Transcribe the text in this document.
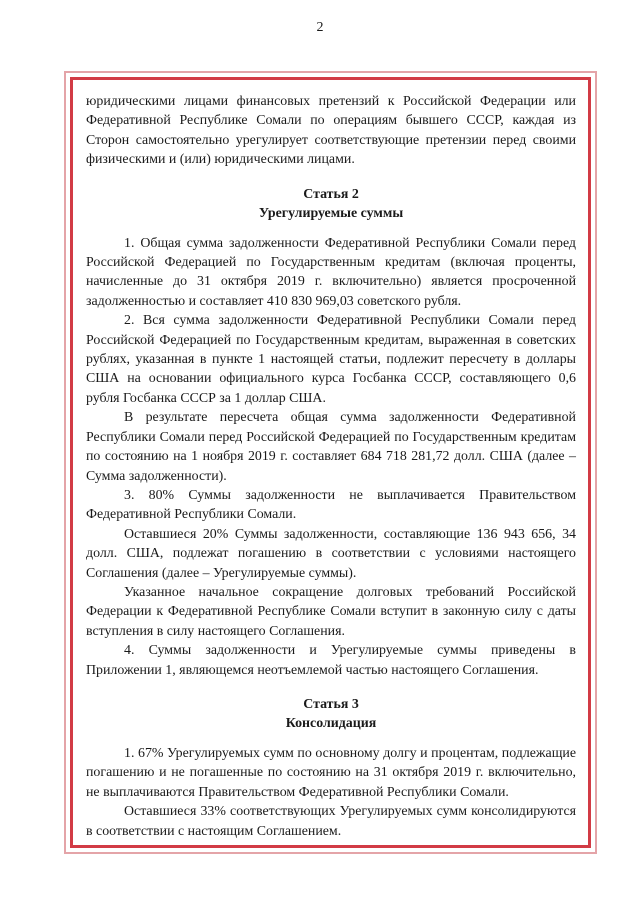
2

юридическими лицами финансовых претензий к Российской Федерации или Федеративной Республике Сомали по операциям бывшего СССР, каждая из Сторон самостоятельно урегулирует соответствующие претензии перед своими физическими и (или) юридическими лицами.

Статья 2
Урегулируемые суммы

1. Общая сумма задолженности Федеративной Республики Сомали перед Российской Федерацией по Государственным кредитам (включая проценты, начисленные до 31 октября 2019 г. включительно) является просроченной задолженностью и составляет 410 830 969,03 советского рубля.

2. Вся сумма задолженности Федеративной Республики Сомали перед Российской Федерацией по Государственным кредитам, выраженная в советских рублях, указанная в пункте 1 настоящей статьи, подлежит пересчету в доллары США на основании официального курса Госбанка СССР, составляющего 0,6 рубля Госбанка СССР за 1 доллар США.

В результате пересчета общая сумма задолженности Федеративной Республики Сомали перед Российской Федерацией по Государственным кредитам по состоянию на 1 ноября 2019 г. составляет 684 718 281,72 долл. США (далее – Сумма задолженности).

3. 80% Суммы задолженности не выплачивается Правительством Федеративной Республики Сомали.

Оставшиеся 20% Суммы задолженности, составляющие 136 943 656, 34 долл. США, подлежат погашению в соответствии с условиями настоящего Соглашения (далее – Урегулируемые суммы).

Указанное начальное сокращение долговых требований Российской Федерации к Федеративной Республике Сомали вступит в законную силу с даты вступления в силу настоящего Соглашения.

4. Суммы задолженности и Урегулируемые суммы приведены в Приложении 1, являющемся неотъемлемой частью настоящего Соглашения.

Статья 3
Консолидация

1. 67% Урегулируемых сумм по основному долгу и процентам, подлежащие погашению и не погашенные по состоянию на 31 октября 2019 г. включительно, не выплачиваются Правительством Федеративной Республики Сомали.

Оставшиеся 33% соответствующих Урегулируемых сумм консолидируются в соответствии с настоящим Соглашением.
